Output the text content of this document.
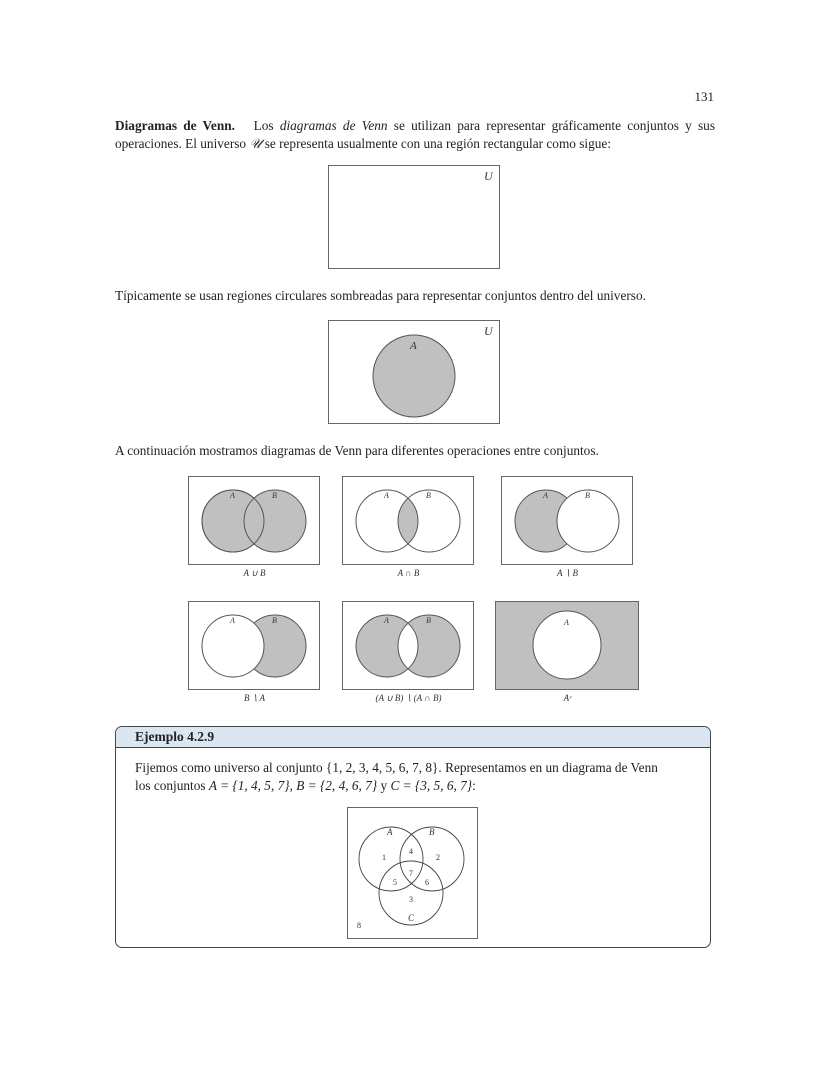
131
Diagramas de Venn. Los diagramas de Venn se utilizan para representar gráficamente conjuntos y sus operaciones. El universo 𝒰 se representa usualmente con una región rectangular como sigue:
U
Típicamente se usan regiones circulares sombreadas para representar conjuntos dentro del universo.
U
A
A continuación mostramos diagramas de Venn para diferentes operaciones entre conjuntos.
A	B
A ∪ B
A	B
A ∩ B
A	B
A ∖ B
A	B
B ∖ A
A	B
(A ∪ B) ∖ (A ∩ B)
A
Aᶜ
Ejemplo 4.2.9
Fijemos como universo al conjunto {1, 2, 3, 4, 5, 6, 7, 8}. Representamos en un diagrama de Venn
los conjuntos A = {1, 4, 5, 7}, B = {2, 4, 6, 7} y C = {3, 5, 6, 7}:
A	B
C
1	2
3
4
5	6
7
8
